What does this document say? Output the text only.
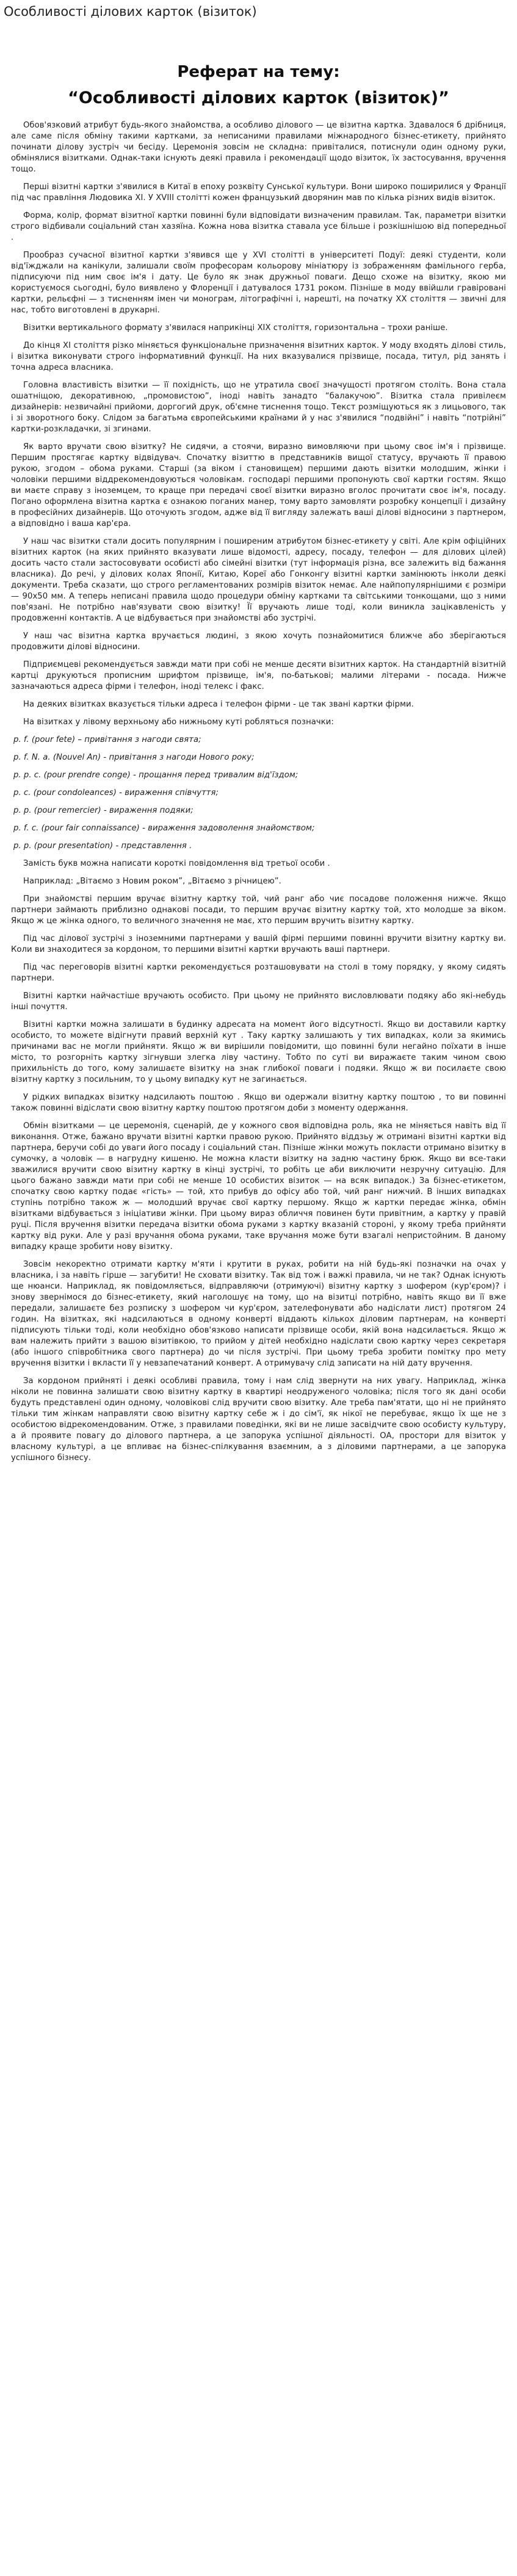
Особливості ділових карток (візиток)
Реферат на тему:
“Особливості ділових карток (візиток)”

Обов'язковий атрибут будь-якого знайомства, а особливо ділового — це візитна картка. Здавалося б дрібниця, але саме після обміну такими картками, за неписаними правилами міжнародного бізнес-етикету, прийнято починати ділову зустріч чи бесіду. Церемонія зовсім не складна: привіталися, потиснули один одному руки, обмінялися візитками. Однак-таки існують деякі правила і рекомендації щодо візиток, їх застосування, вручення тощо.

Перші візитні картки з'явилися в Китаї в епоху розквіту Сунської культури. Вони широко поширилися у Франції під час правління Людовика XI. У XVIII столітті кожен французький дворянин мав по кілька різних видів візиток.

Форма, колір, формат візитної картки повинні були відповідати визначеним правилам. Так, параметри візитки строго відбивали соціальний стан хазяїна. Кожна нова візитка ставала усе більше і розкішнішою від попередньої .

Прообраз сучасної візитної картки з'явився ще у XVI столітті в університеті Подуї: деякі студенти, коли від'їжджали на канікули, залишали своїм професорам кольорову мініатюру із зображенням фамільного герба, підписуючи під ним своє ім'я і дату. Це було як знак дружньої поваги. Дещо схоже на візитку, якою ми користуємося сьогодні, було виявлено у Флоренції і датувалося 1731 роком. Пізніше в моду ввійшли гравіровані картки, рельєфні — з тисненням імен чи монограм, літографічні і, нарешті, на початку XX століття — звичні для нас, тобто виготовлені в друкарні.

Візитки вертикального формату з'явилася наприкінці XIX століття, горизонтальна – трохи раніше.

До кінця XI століття різко міняється функціональне призначення візитних карток. У моду входять ділові стиль, і візитка виконувати строго інформативний функції. На них вказувалися прізвище, посада, титул, рід занять і точна адреса власника.

Головна властивість візитки — її похідність, що не утратила своєї значущості протягом століть. Вона стала ошатніщою, декоративною, „промовистою”, іноді навіть занадто “балакучою”. Візитка стала привілеєм дизайнерів: незвичайні прийоми, доргогий друк, об'ємне тиснення тощо. Текст розміщуються як з лицьового, так і зі зворотного боку. Слідом за багатьма європейськими країнами й у нас з'явилися “подвійні” і навіть “потрійні” картки-розкладачки, зі згинами.

Як варто вручати свою візитку? Не сидячи, а стоячи, виразно вимовляючи при цьому своє ім'я і прізвище. Першим простягає картку відвідувач. Спочатку візиттю в представників вищої статусу, вручають її правою рукою, згодом – обома руками. Старші (за віком і становищем) першими дають візитки молодшим, жінки і чоловіки першими віддрекомендовуються чоловікам. господарі першими пропонують свої картки гостям. Якщо ви маєте справу з іноземцем, то краще при передачі своєї візитки виразно вголос прочитати своє ім'я, посаду. Погано оформлена візитна картка є ознакою поганих манер, тому варто замовляти розробку концепції і дизайну в професійних дизайнерів. Що оточують згодом, адже від її вигляду залежать ваші ділові відносини з партнером, а відповідно і ваша кар'єра.

У наш час візитки стали досить популярним і поширеним атрибутом бізнес-етикету у світі. Але крім офіційних візитних карток (на яких прийнято вказувати лише відомості, адресу, посаду, телефон — для ділових цілей) досить часто стали застосовувати особисті або сімейні візитки (тут інформація різна, все залежить від бажання власника). До речі, у ділових колах Японії, Китаю, Кореї або Гонконгу візитні картки замінюють інколи деякі документи. Треба сказати, що строго регламентованих розмірів візиток немає. Але найпопулярнішими є розміри — 90х50 мм. А теперь неписані правила щодо процедури обміну картками та світськими тонкощами, що з ними пов'язані. Не потрібно нав'язувати свою візитку! Її вручають лише тоді, коли виникла зацікавленість у продовженні контактів. А це відбувається при знайомстві або зустрічі.

У наш час візитна картка вручається людині, з якою хочуть познайомитися ближче або зберігаються продовжити ділові відносини.

Підприємцеві рекомендується завжди мати при собі не менше десяти візитних карток. На стандартній візитній картці друкуються прописним шрифтом прізвище, ім'я, по-батькові; малими літерами - посада. Нижче зазначаються адреса фірми і телефон, іноді телекс і факс.

На деяких візитках вказується тільки адреса і телефон фірми - це так звані картки фірми.

На візитках у лівому верхньому або нижньому куті робляться позначки:

p. f. (pour fete) – привітання з нагоди свята;

p. f. N. a. (Nouvel An) - привітання з нагоди Нового року;

p. p. c. (pour prendre conge) - прощання перед тривалим від'їздом;

p. c. (pour condoleances) - вираження співчуття;

p. p. (pour remercier) - вираження подяки;

p. f. c. (pour fair connaissance) - вираження задоволення знайомством;

p. p. (pour presentation) - представлення .

Замість букв можна написати короткі повідомлення від третьої особи .

Наприклад: „Вітаємо з Новим роком”, „Вітаємо з річницею”.

При знайомстві першим вручає візитну картку той, чий ранг або чиє посадове положення нижче. Якщо партнери займають приблизно однакові посади, то першим вручає візитну картку той, хто молодше за віком. Якщо ж це жінка одного, то величного значення не має, хто першим вручить візитну картку.

Під час ділової зустрічі з іноземними партнерами у вашій фірмі першими повинні вручити візитну картку ви. Коли ви знаходитеся за кордоном, то першими візитні картки вручають ваші партнери.

Під час переговорів візитні картки рекомендується розташовувати на столі в тому порядку, у якому сидять партнери.

Візитні картки найчастіше вручають особисто. При цьому не прийнято висловлювати подяку або які-небудь інші почуття.

Візитні картки можна залишати в будинку адресата на момент його відсутності. Якщо ви доставили картку особисто, то можете відігнути правий верхній кут . Таку картку залишають у тих випадках, коли за якимись причинами вас не могли прийняти. Якщо ж ви вирішили повідомити, що повинні були негайно поїхати в інше місто, то розгорніть картку зігнувши злегка ліву частину. Тобто по суті ви виражаєте таким чином свою прихильність до того, кому залишаєте візитку на знак глибокої поваги і подяки. Якщо ж ви посилаєте свою візитну картку з посильним, то у цьому випадку кут не загинається.

У рідких випадках візитку надсилають поштою . Якщо ви одержали візитну картку поштою , то ви повинні також повинні відіслати свою візитну картку поштою протягом доби з моменту одержання.

Обмін візитками — це церемонія, сценарій, де у кожного своя відповідна роль, яка не міняється навіть від її виконання. Отже, бажано вручати візитні картки правою рукою. Прийнято віддзьу ж отримані візитні картки від партнера, беручи собі до уваги його посаду і соціальний стан. Пізніше жінки можуть покласти отримано візитку в сумочку, а чоловік — в нагрудну кишеню. Не можна класти візитку на задню частину брюк. Якщо ви все-таки зважилися вручити свою візитну картку в кінці зустрічі, то робіть це аби виключити незручну ситуацію. Для цього бажано завжди мати при собі не менше 10 особистих візиток — на всяк випадок.) За бізнес-етикетом, спочатку свою картку подає «гість» — той, хто прибув до офісу або той, чий ранг нижчий. В інших випадках ступінь потрібно також ж — молодший вручає свої картку першому. Якщо ж картки передає жінка, обмін візитками відбувається з ініціативи жінки. При цьому вираз обличчя повинен бути привітним, а картку у правій руці. Після вручення візитки передача візитки обома руками з картку вказаній стороні, у якому треба прийняти картку від руки. Але у разі вручання обома руками, таке вручання може бути взагалі непристойним. В даному випадку краще зробити нову візитку.

Зовсім некоректно отримати картку м'яти і крутити в руках, робити на ній будь-які позначки на очах у власника, і за навіть гірше — загубити! Не сховати візитку. Так від тож і важкі правила, чи не так? Однак існують ще нюанси. Наприклад, як повідомляється, відправляючи (отримуючі) візитну картку з шофером (кур'єром)? і знову звернімося до бізнес-етикету, який наголошує на тому, що на візитці потрібно, навіть якщо ви її вже передали, залишаєте без розписку з шофером чи кур'єром, зателефонувати або надіслати лист) протягом 24 годин. На візитках, які надсилаються в одному конверті віддають кількох діловим партнерам, на конверті підписують тільки тоді, коли необхідно обов'язково написати прізвище особи, якій вона надсилається. Якщо ж вам належить прийти з вашою візитівкою, то прийом у дітей необхідно надіслати свою картку через секретаря (або іншого співробітника свого партнера) до чи після зустрічі. При цьому треба зробити помітку про мету вручення візитки і вкласти її у невзапечатаний конверт. А отримувачу слід записати на ній дату вручення.

За кордоном прийняті і деякі особливі правила, тому і нам слід звернути на них увагу. Наприклад, жінка ніколи не повинна залишати свою візитну картку в квартирі неодруженого чоловіка; після того як дані особи будуть представлені один одному, чоловікові слід вручити свою візитку. Але треба пам'ятати, що ні не прийнято тільки тим жінкам направляти свою візитну картку себе ж і до сім'ї, як нікої не перебуває, якщо їх ще не з особистою відрекомендованим. Отже, з правилами поведінки, які ви не лише засвідчите свою особисту культуру, а й проявите повагу до ділового партнера, а це запорука успішної діяльності. ОА, простори для візиток у власному культурі, а це впливає на бізнес-спілкування взаємним, а з діловими партнерами, а це запорука успішного бізнесу.
